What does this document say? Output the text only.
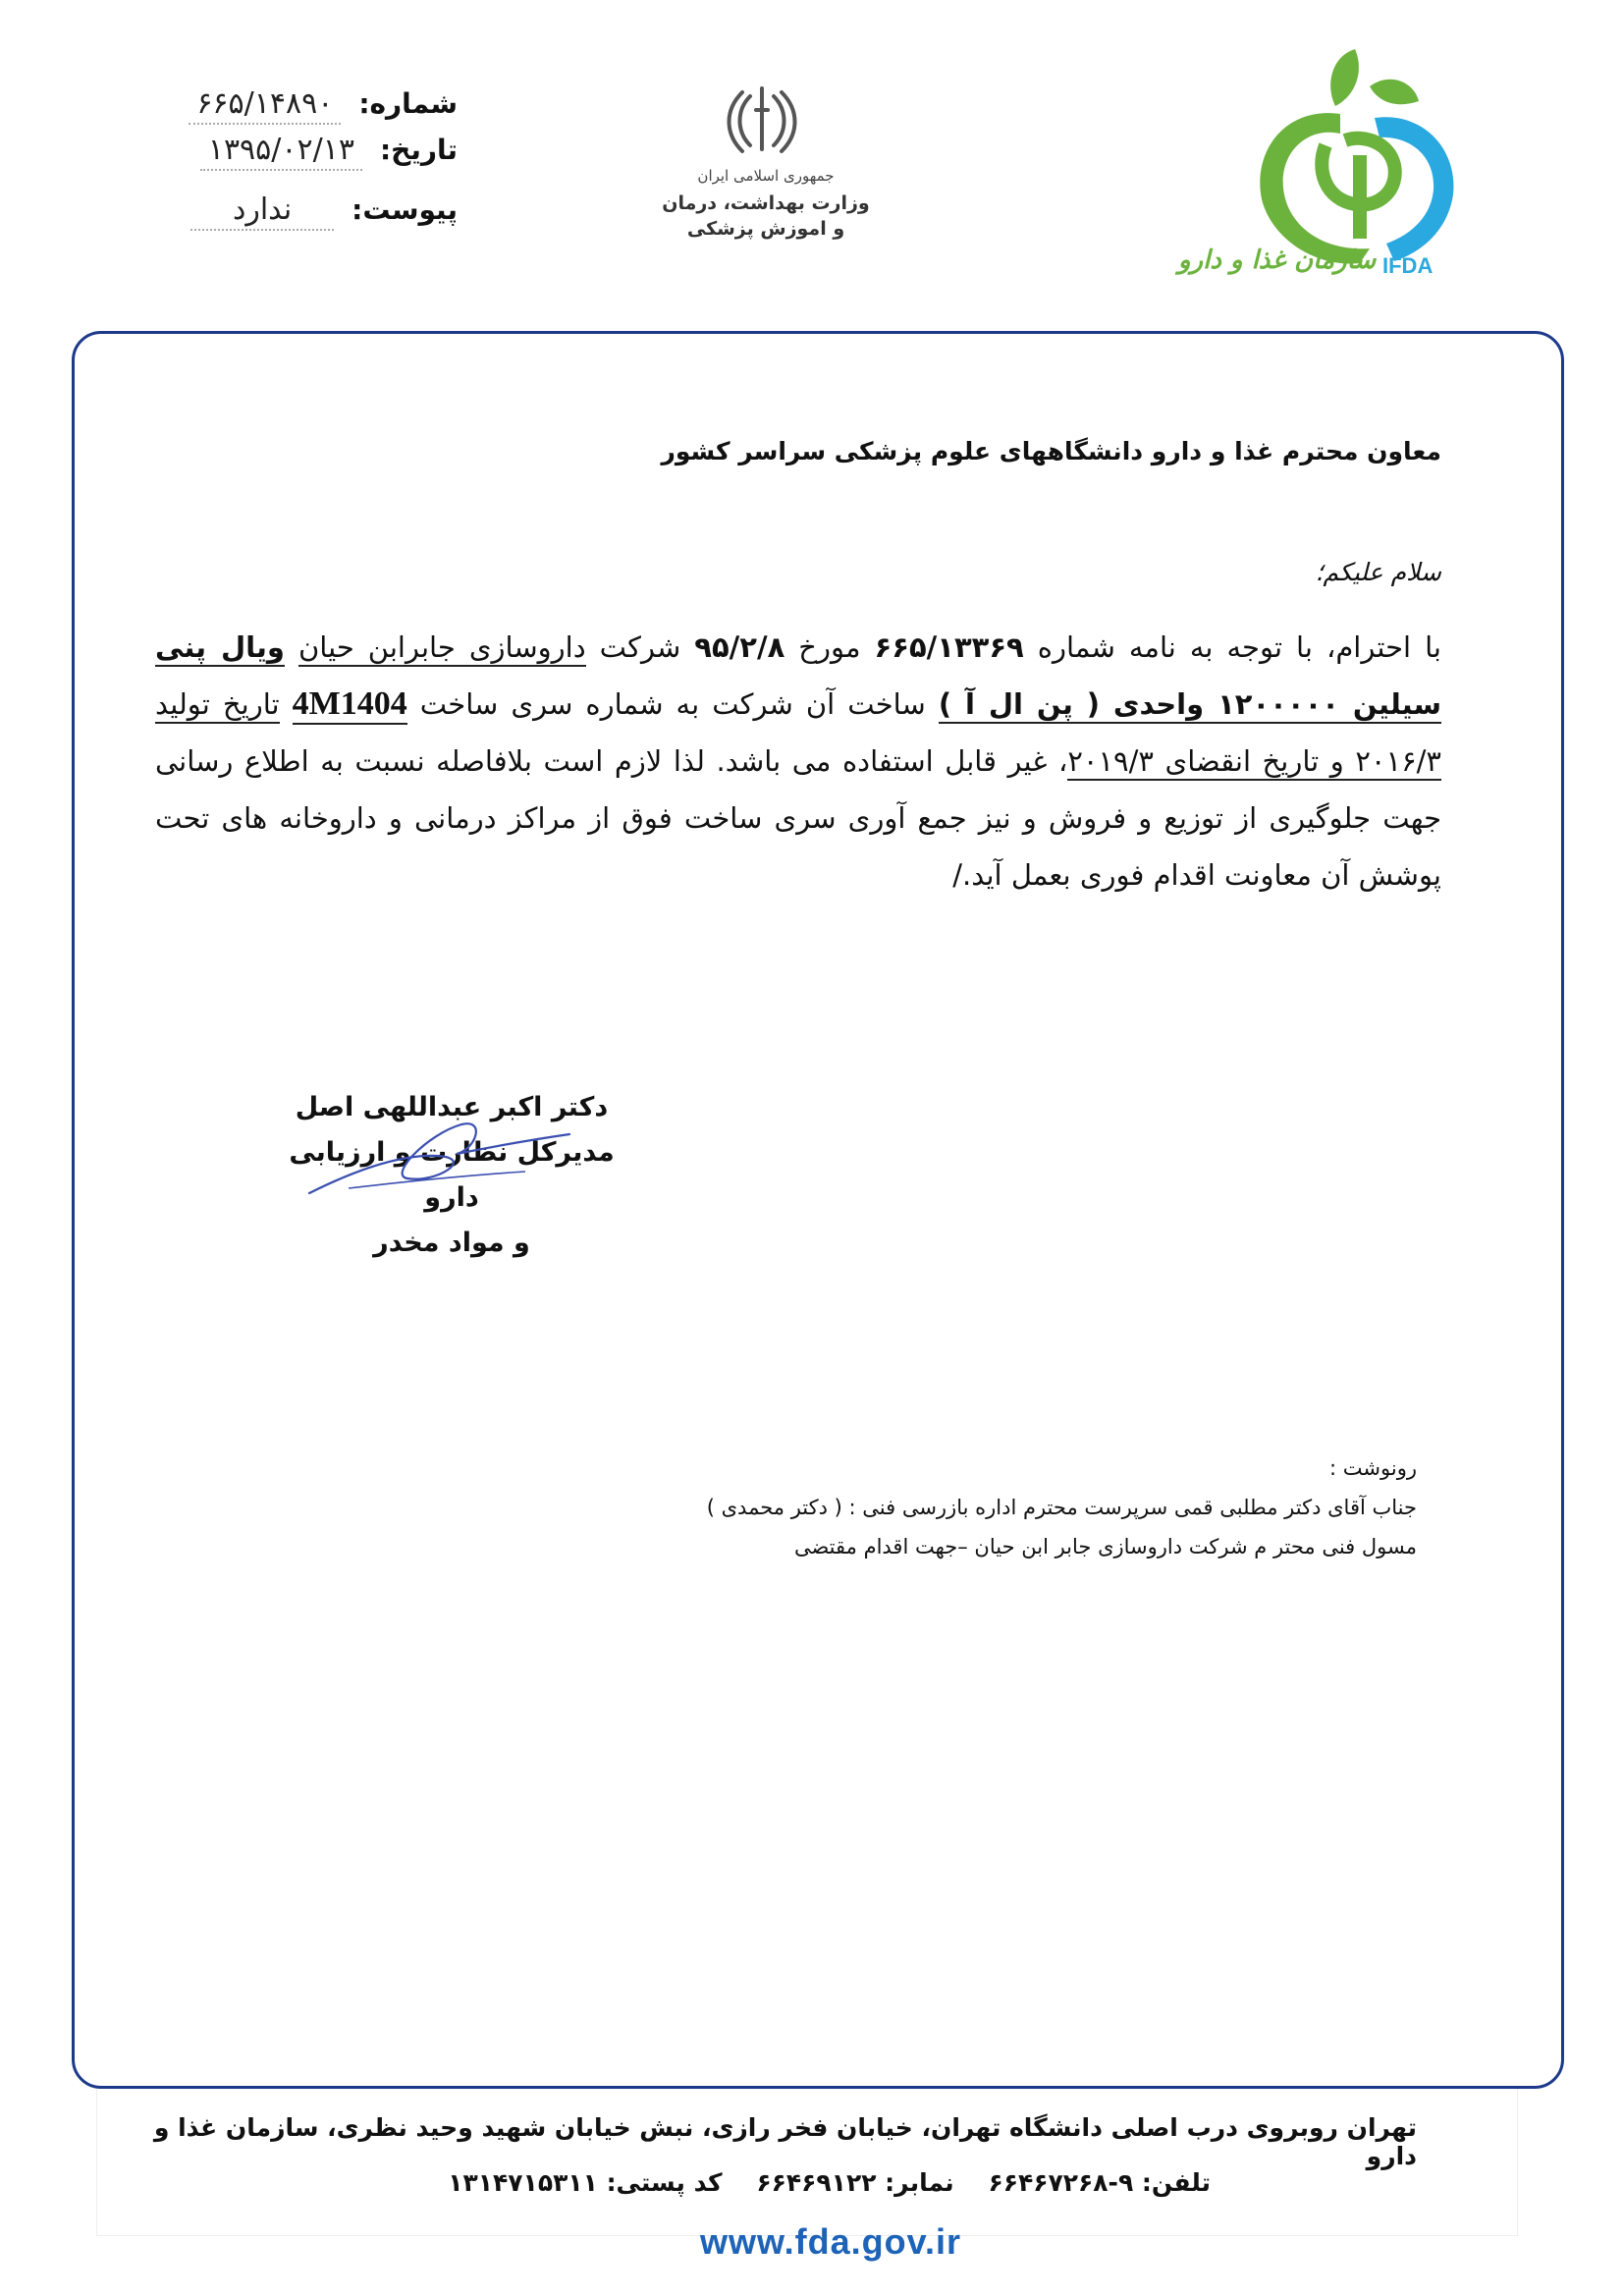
شماره:
۶۶۵/۱۴۸۹۰
تاریخ:
۱۳۹۵/۰۲/۱۳
پیوست:
ندارد
جمهوری اسلامی ایران
وزارت بهداشت، درمان
و اموزش پزشکی
سازمان غذا و دارو IFDA
معاون محترم غذا و دارو دانشگاههای علوم پزشکی سراسر کشور
سلام علیکم؛
با احترام، با توجه به نامه شماره ۶۶۵/۱۳۳۶۹ مورخ ۹۵/۲/۸ شرکت داروسازی جابرابن حیان ویال پنی سیلین ۱۲۰۰۰۰۰ واحدی ( پن ال آ ) ساخت آن شرکت به شماره سری ساخت 4M1404 تاریخ تولید ۲۰۱۶/۳ و تاریخ انقضای ۲۰۱۹/۳، غیر قابل استفاده می باشد. لذا لازم است بلافاصله نسبت به اطلاع رسانی جهت جلوگیری از توزیع و فروش و نیز جمع آوری سری ساخت فوق از مراکز درمانی و داروخانه های تحت پوشش آن معاونت اقدام فوری بعمل آید./
دکتر اکبر عبداللهی اصل
مدیرکل نظارت و ارزیابی دارو
و مواد مخدر
رونوشت :
جناب آقای دکتر مطلبی قمی سرپرست محترم اداره بازرسی فنی : ( دکتر محمدی )
مسول فنی محتر م شرکت داروسازی جابر ابن حیان –جهت اقدام مقتضی
تهران روبروی درب اصلی دانشگاه تهران، خیابان فخر رازی، نبش خیابان شهید وحید نظری، سازمان غذا و دارو
تلفن: ۹-۶۶۴۶۷۲۶۸    نمابر: ۶۶۴۶۹۱۲۲    کد پستی: ۱۳۱۴۷۱۵۳۱۱
www.fda.gov.ir
